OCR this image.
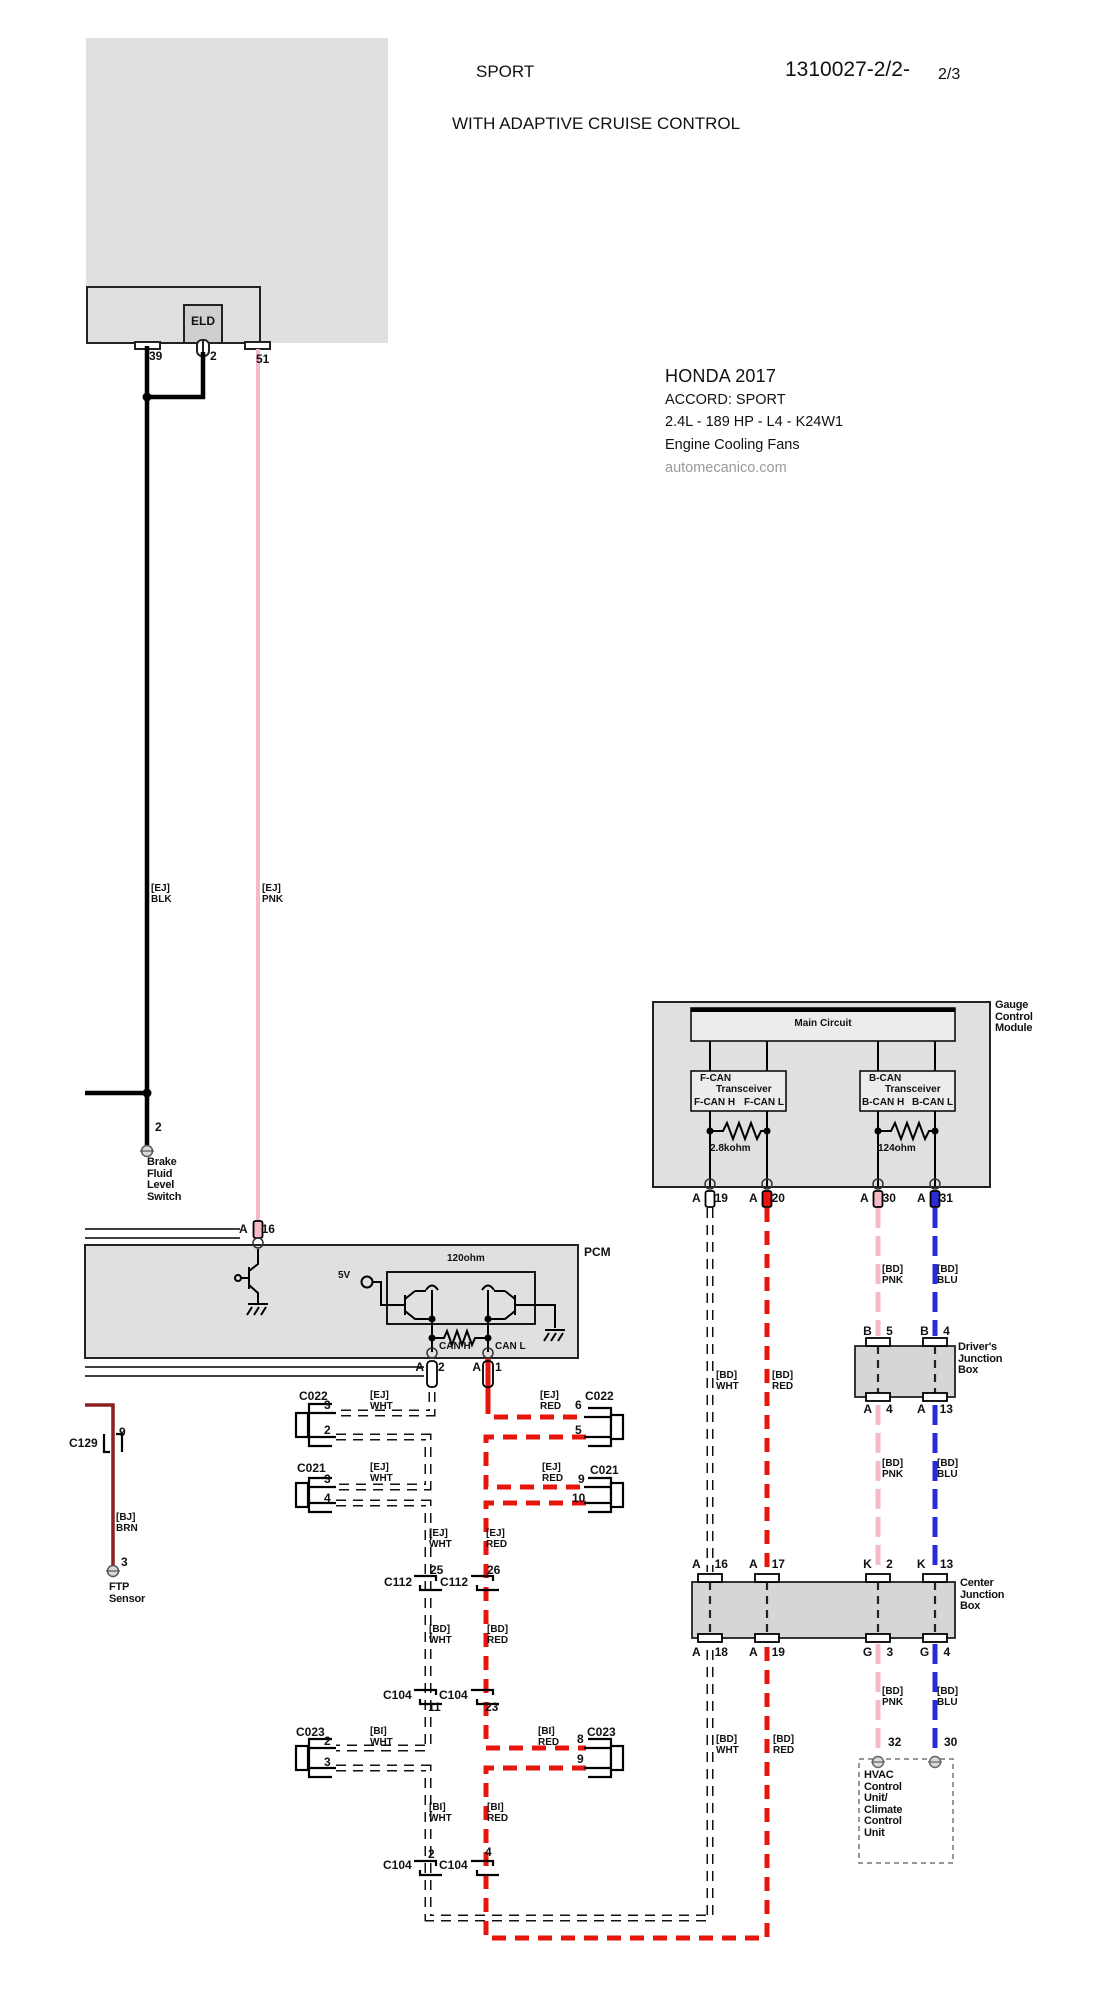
SPORT
WITH ADAPTIVE CRUISE CONTROL
1310027-2/2- 2/3
HONDA 2017
ACCORD: SPORT
2.4L - 189 HP - L4 - K24W1
Engine Cooling Fans
automecanico.com
ELD
39	2	51
[EJ] BLK
[EJ] PNK
2
Brake Fluid Level Switch
A 16
PCM
120ohm
5V
CAN H CAN L
A 2 A 1
Gauge Control Module
Main Circuit
F-CAN
Transceiver
F-CAN H F-CAN L
B-CAN
Transceiver
B-CAN H B-CAN L
2.8kohm	124ohm
A 19 A 20	A 30 A 31
[BD] PNK
[BD] BLU
[BD] WHT
[BD] RED
Driver's Junction Box
B 5 B 4
A 4 A 13
[BD] PNK
[BD] BLU
Center Junction Box
A 16 A 17	K 2 K 13
A 18 A 19	G 3 G 4
[BD] PNK
[BD] BLU
[BD] WHT
[BD] RED
32	30
HVAC Control Unit/ Climate Control Unit
C129
9
[BJ] BRN
3
FTP Sensor
C022	[EJ] WHT
[EJ] RED
C022
3
2
6
5
C021	[EJ] WHT
[EJ] RED
C021
3
4
9
10
[EJ] WHT
[EJ] RED
25
C112
26
C112
[BD] WHT
[BD] RED
C104
11
C104
23
C023	[BI] WHT
[BI] RED
C023
2
3
8
9
[BI] WHT
[BI] RED
2
C104
4
C104
